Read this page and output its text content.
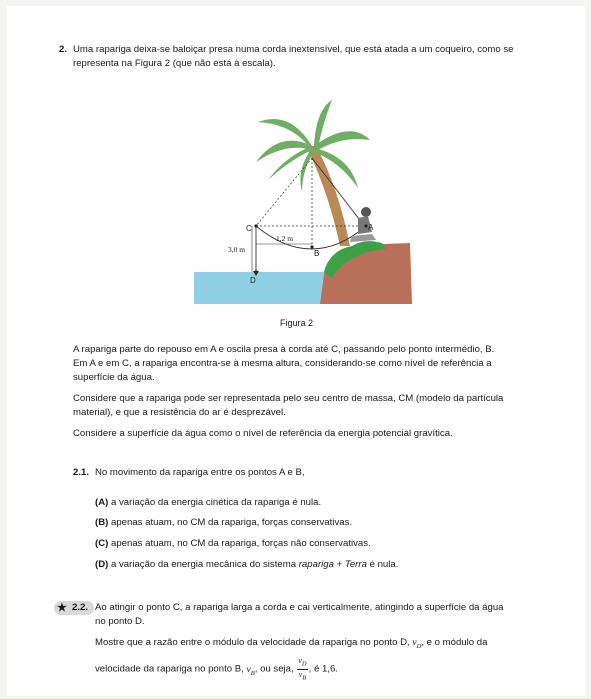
2. Uma rapariga deixa-se baloiçar presa numa corda inextensível, que está atada a um coqueiro, como se
representa na Figura 2 (que não está à escala).
C
B
A
D
1,2 m
3,0 m
Figura 2
A rapariga parte do repouso em A e oscila presa à corda até C, passando pelo ponto intermédio, B.
Em A e em C, a rapariga encontra-se à mesma altura, considerando-se como nível de referência a
superfície da água.
Considere que a rapariga pode ser representada pelo seu centro de massa, CM (modelo da partícula
material), e que a resistência do ar é desprezável.
Considere a superfície da água como o nível de referência da energia potencial gravítica.
2.1. No movimento da rapariga entre os pontos A e B,
(A) a variação da energia cinética da rapariga é nula.
(B) apenas atuam, no CM da rapariga, forças conservativas.
(C) apenas atuam, no CM da rapariga, forças não conservativas.
(D) a variação da energia mecânica do sistema rapariga + Terra é nula.
★ 2.2. Ao atingir o ponto C, a rapariga larga a corda e cai verticalmente, atingindo a superfície da água
no ponto D.
Mostre que a razão entre o módulo da velocidade da rapariga no ponto D, $v_D$, e o módulo da
velocidade da rapariga no ponto B, $v_B$, ou seja, $\frac{v_D}{v_B}$ , é 1,6.
